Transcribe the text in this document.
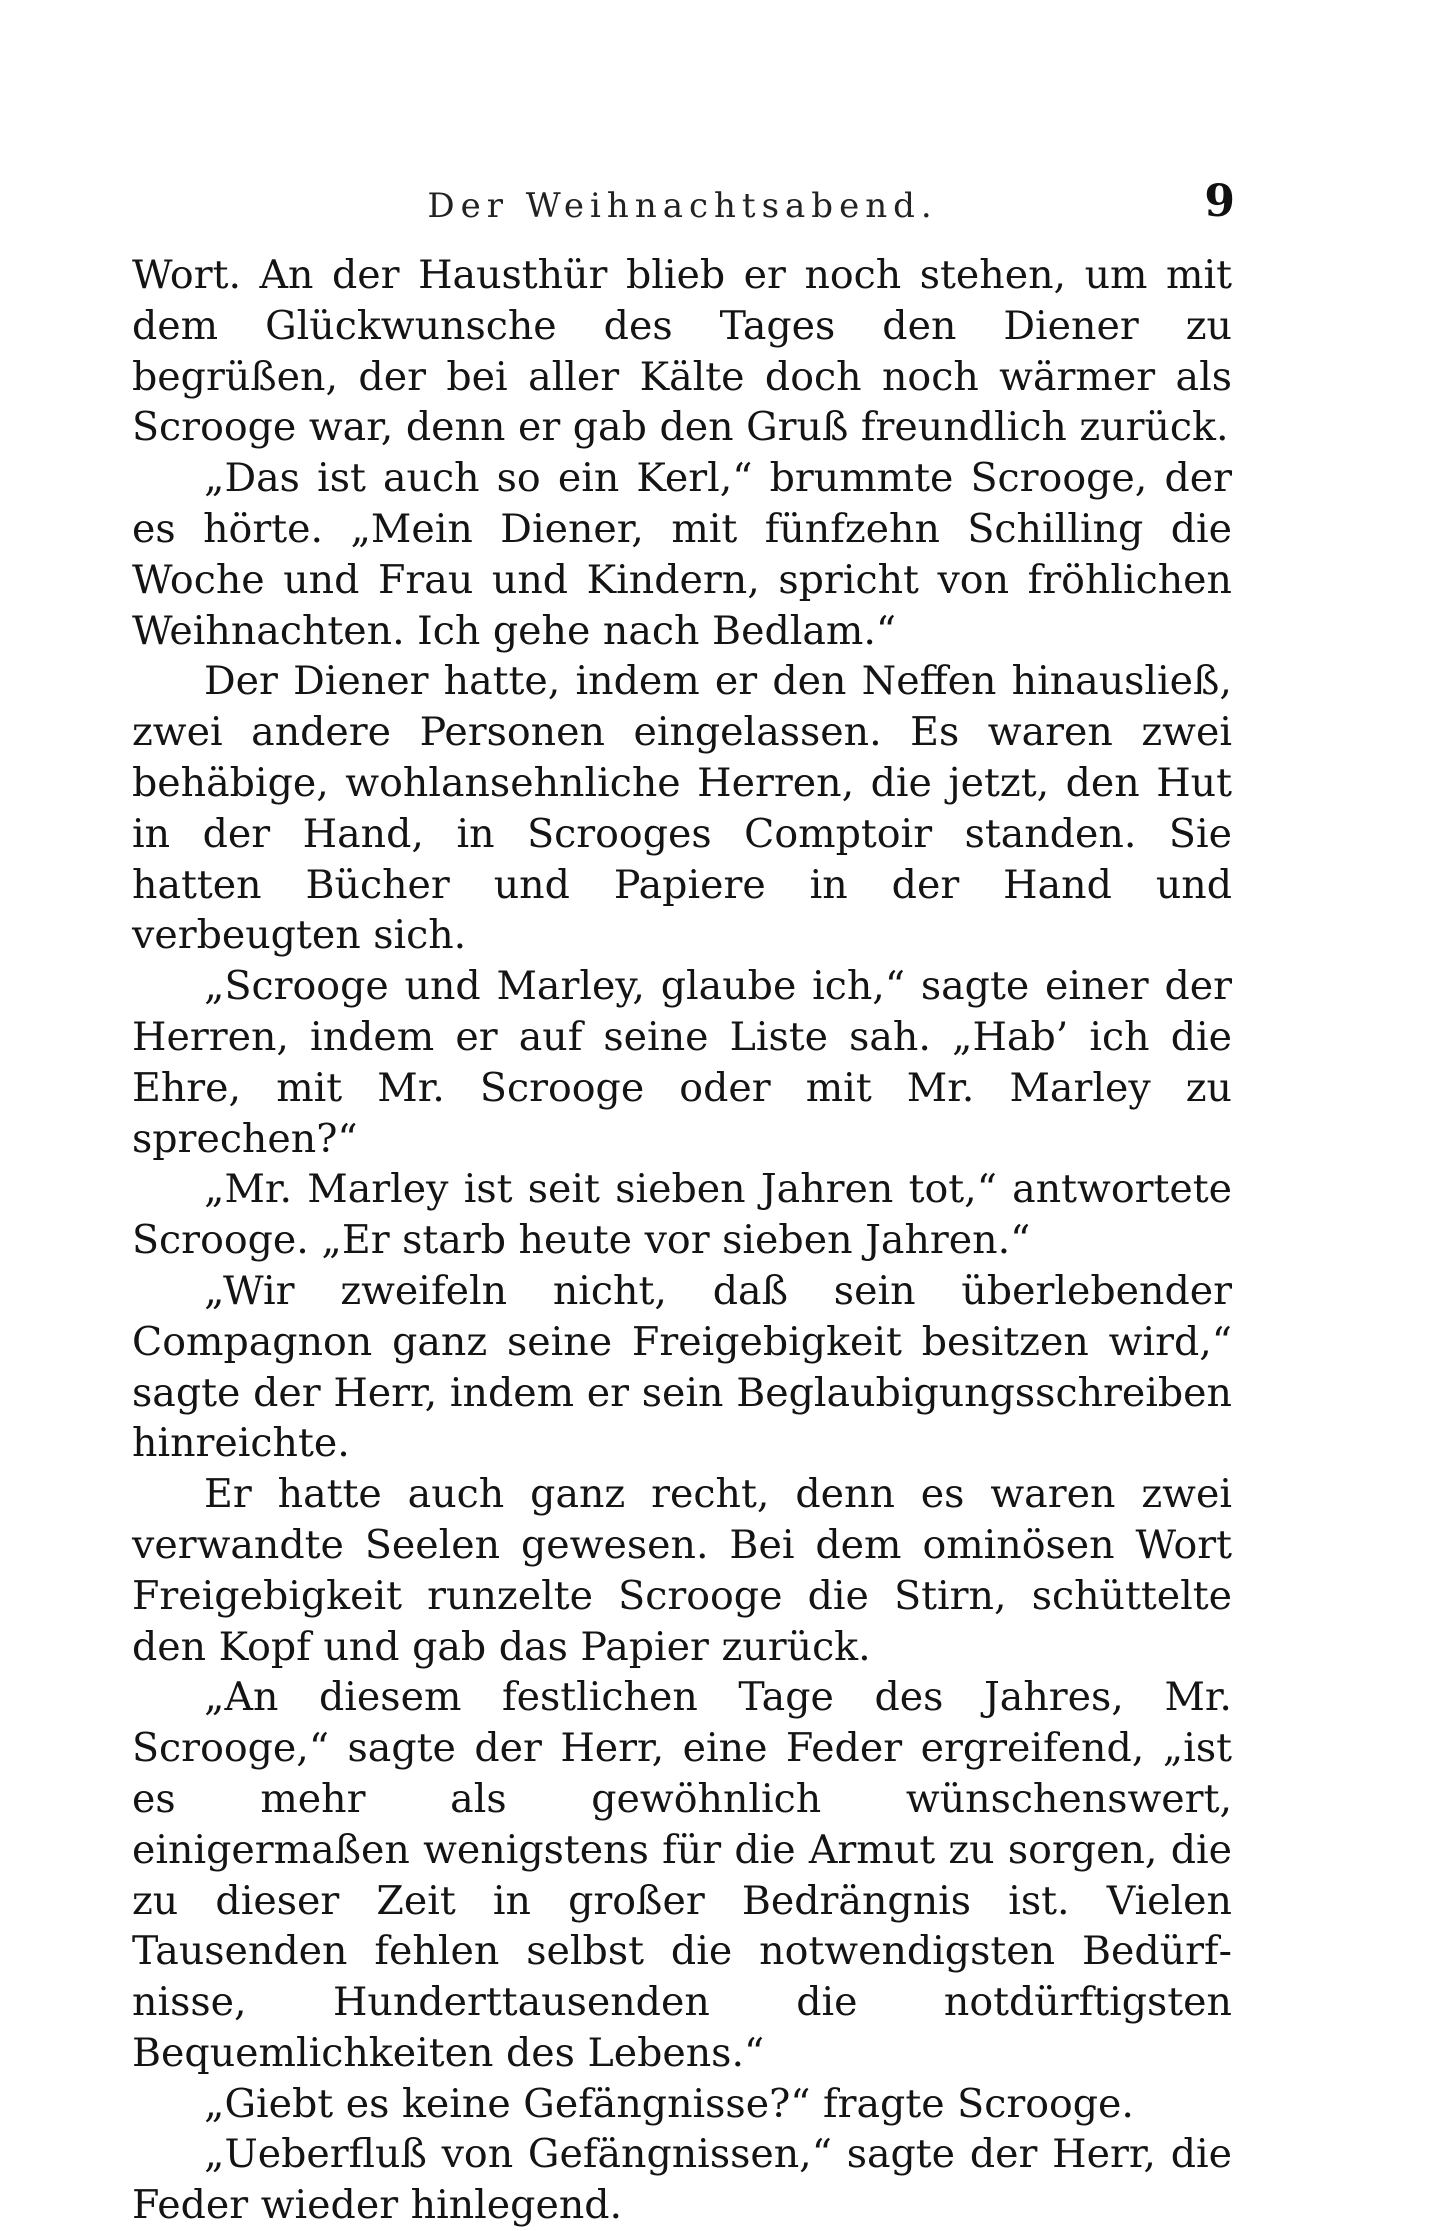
Der Weihnachtsabend.	9

Wort. An der Hausthür blieb er noch stehen, um mit dem Glückwunsche des Tages den Diener zu begrüßen, der bei aller Kälte doch noch wärmer als Scrooge war, denn er gab den Gruß freundlich zurück.

„Das ist auch so ein Kerl,“ brummte Scrooge, der es hörte. „Mein Diener, mit fünfzehn Schilling die Woche und Frau und Kindern, spricht von fröhlichen Weihnachten. Ich gehe nach Bedlam.“

Der Diener hatte, indem er den Neffen hinausließ, zwei andere Personen eingelassen. Es waren zwei behäbige, wohlansehnliche Herren, die jetzt, den Hut in der Hand, in Scrooges Comptoir standen. Sie hatten Bücher und Papiere in der Hand und verbeugten sich.

„Scrooge und Marley, glaube ich,“ sagte einer der Herren, indem er auf seine Liste sah. „Hab’ ich die Ehre, mit Mr. Scrooge oder mit Mr. Marley zu sprechen?“

„Mr. Marley ist seit sieben Jahren tot,“ antwortete Scrooge. „Er starb heute vor sieben Jahren.“

„Wir zweifeln nicht, daß sein überlebender Compagnon ganz seine Freigebigkeit besitzen wird,“ sagte der Herr, indem er sein Beglaubigungsschreiben hinreichte.

Er hatte auch ganz recht, denn es waren zwei verwandte Seelen gewesen. Bei dem ominösen Wort Freigebigkeit runzelte Scrooge die Stirn, schüttelte den Kopf und gab das Papier zurück.

„An diesem festlichen Tage des Jahres, Mr. Scrooge,“ sagte der Herr, eine Feder ergreifend, „ist es mehr als gewöhnlich wünschenswert, einigermaßen wenigstens für die Armut zu sorgen, die zu dieser Zeit in großer Bedrängnis ist. Vielen Tausenden fehlen selbst die notwendigsten Bedürfnisse, Hunderttausenden die notdürftigsten Bequemlichkeiten des Lebens.“

„Giebt es keine Gefängnisse?“ fragte Scrooge.

„Ueberfluß von Gefängnissen,“ sagte der Herr, die Feder wieder hinlegend.
